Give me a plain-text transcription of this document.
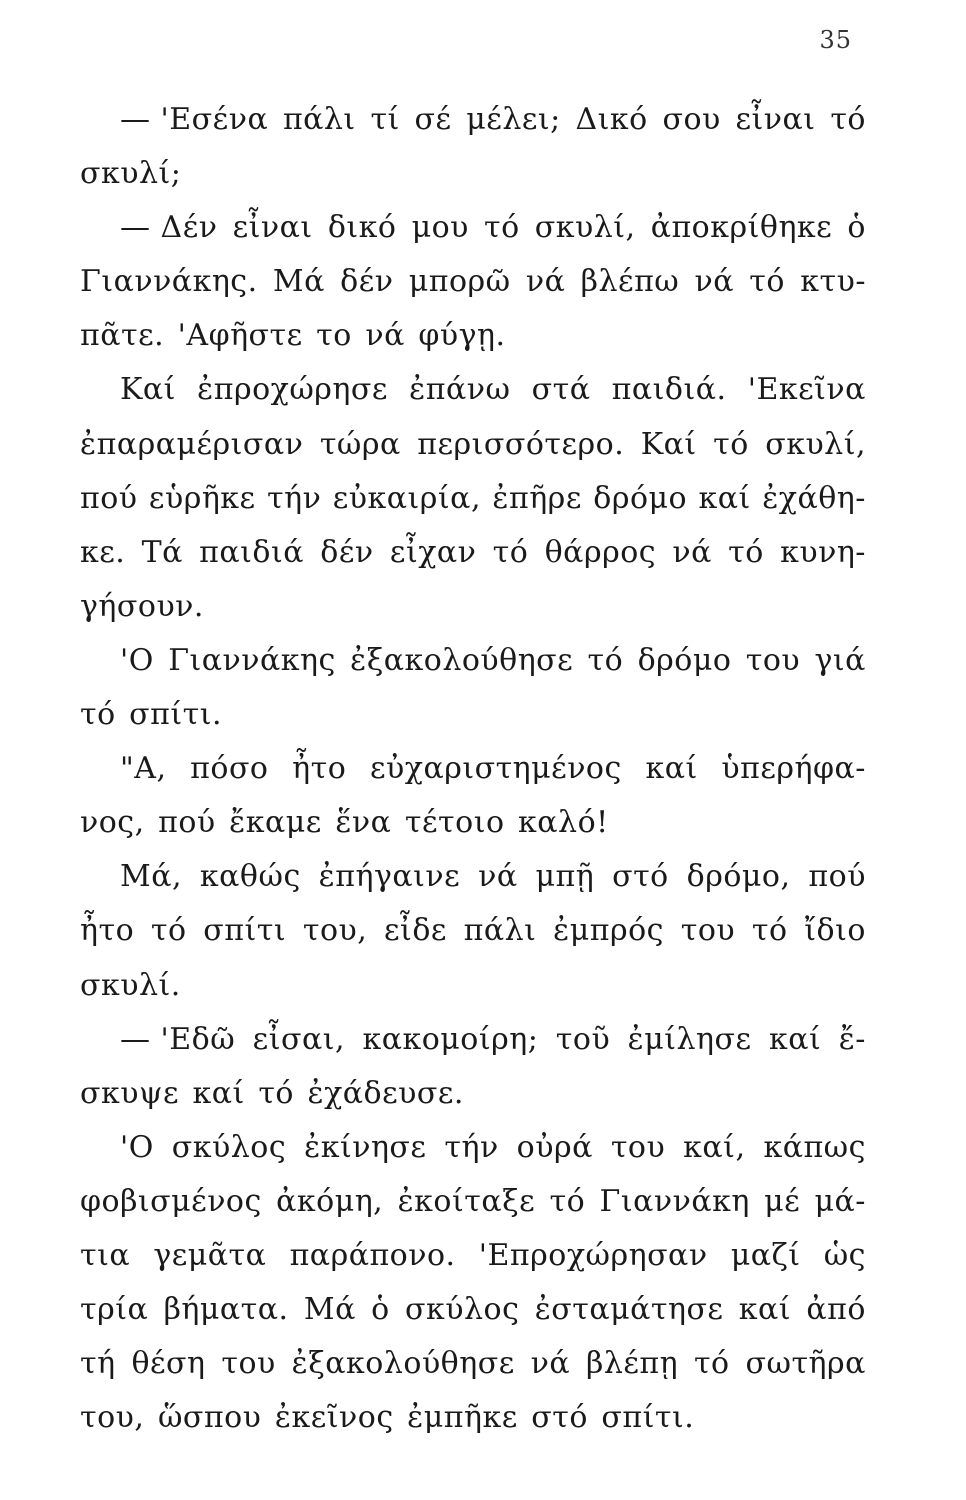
35
— 'Εσένα πάλι τί σέ μέλει; Δικό σου εἶναι τό
σκυλί;
— Δέν εἶναι δικό μου τό σκυλί, ἀποκρίθηκε ὁ
Γιαννάκης. Μά δέν μπορῶ νά βλέπω νά τό κτυ-
πᾶτε. 'Αφῆστε το νά φύγῃ.
Καί ἐπροχώρησε ἐπάνω στά παιδιά. 'Εκεῖνα
ἐπαραμέρισαν τώρα περισσότερο. Καί τό σκυλί,
πού εὑρῆκε τήν εὐκαιρία, ἐπῆρε δρόμο καί ἐχάθη-
κε. Τά παιδιά δέν εἶχαν τό θάρρος νά τό κυνη-
γήσουν.
'Ο Γιαννάκης ἐξακολούθησε τό δρόμο του γιά
τό σπίτι.
"Α, πόσο ἦτο εὐχαριστημένος καί ὑπερήφα-
νος, πού ἔκαμε ἕνα τέτοιο καλό!
Μά, καθώς ἐπήγαινε νά μπῇ στό δρόμο, πού
ἦτο τό σπίτι του, εἶδε πάλι ἐμπρός του τό ἴδιο
σκυλί.
— 'Εδῶ εἶσαι, κακομοίρη; τοῦ ἐμίλησε καί ἔ-
σκυψε καί τό ἐχάδευσε.
'Ο σκύλος ἐκίνησε τήν οὐρά του καί, κάπως
φοβισμένος ἀκόμη, ἐκοίταξε τό Γιαννάκη μέ μά-
τια γεμᾶτα παράπονο. 'Επροχώρησαν μαζί ὡς
τρία βήματα. Μά ὁ σκύλος ἐσταμάτησε καί ἀπό
τή θέση του ἐξακολούθησε νά βλέπῃ τό σωτῆρα
του, ὥσπου ἐκεῖνος ἐμπῆκε στό σπίτι.
